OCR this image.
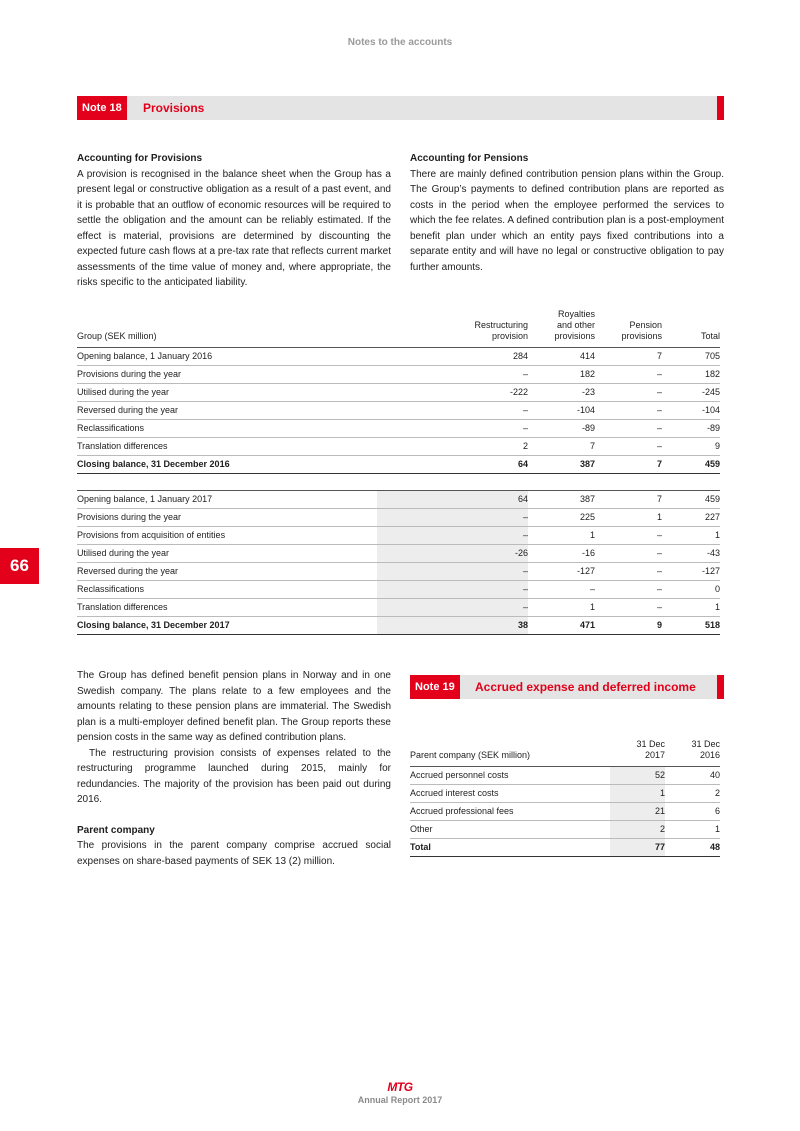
Notes to the accounts
Note 18	Provisions

Accounting for Provisions

A provision is recognised in the balance sheet when the Group has a present legal or constructive obligation as a result of a past event, and it is probable that an outflow of economic resources will be required to settle the obligation and the amount can be reliably estimated. If the effect is material, provisions are determined by discounting the expected future cash flows at a pre-tax rate that reflects current market assessments of the time value of money and, where appropriate, the risks specific to the anticipated liability.

Accounting for Pensions

There are mainly defined contribution pension plans within the Group. The Group’s payments to defined contribution plans are reported as costs in the period when the employee performed the services to which the fee relates. A defined contribution plan is a post-employment benefit plan under which an entity pays fixed contributions into a separate entity and will have no legal or constructive obligation to pay further amounts.

Group (SEK million)	Restructuring provision	Royalties and other provisions	Pension provisions	Total
Opening balance, 1 January 2016	284	414	7	705
Provisions during the year	–	182	–	182
Utilised during the year	-222	-23	–	-245
Reversed during the year	–	-104	–	-104
Reclassifications	–	-89	–	-89
Translation differences	2	7	–	9
Closing balance, 31 December 2016	64	387	7	459

Opening balance, 1 January 2017	64	387	7	459
Provisions during the year	–	225	1	227
Provisions from acquisition of entities	–	1	–	1
Utilised during the year	-26	-16	–	-43
Reversed during the year	–	-127	–	-127
Reclassifications	–	–	–	0
Translation differences	–	1	–	1
Closing balance, 31 December 2017	38	471	9	518
66

The Group has defined benefit pension plans in Norway and in one Swedish company. The plans relate to a few employees and the amounts relating to these pension plans are immaterial. The Swedish plan is a multi-employer defined benefit plan. The Group reports these pension costs in the same way as defined contribution plans.

The restructuring provision consists of expenses related to the restructuring programme launched during 2015, mainly for redundancies. The majority of the provision has been paid out during 2016.

Parent company

The provisions in the parent company comprise accrued social expenses on share-based payments of SEK 13 (2) million.

Note 19	Accrued expense and deferred income
Parent company (SEK million)	31 Dec 2017	31 Dec 2016
Accrued personnel costs	52	40
Accrued interest costs	1	2
Accrued professional fees	21	6
Other	2	1
Total	77	48
MTG
Annual Report 2017
